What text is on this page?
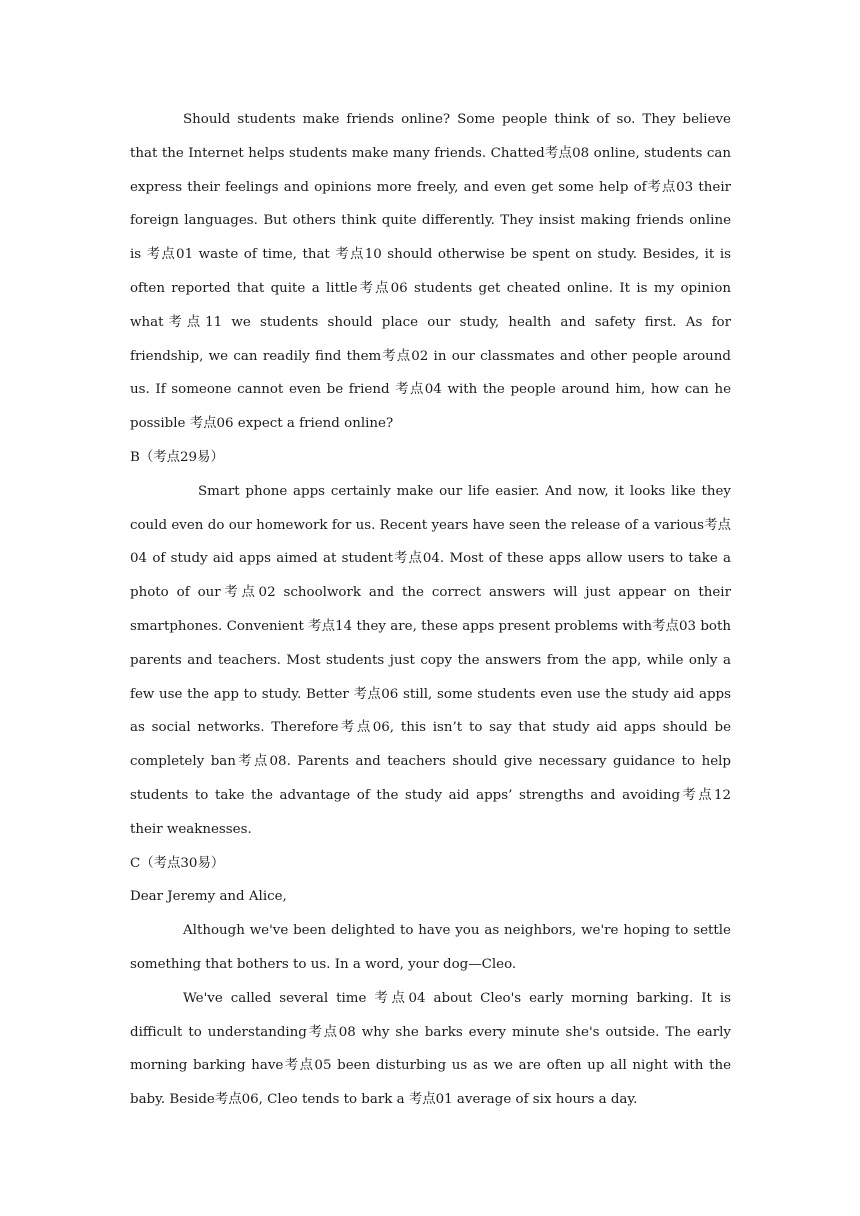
Should students make friends online? Some people think of so. They believe that the Internet helps students make many friends. Chatted考点08 online, students can express their feelings and opinions more freely, and even get some help of考点03 their foreign languages. But others think quite differently. They insist making friends online is 考点01 waste of time, that 考点10 should otherwise be spent on study. Besides, it is often reported that quite a little考点06 students get cheated online. It is my opinion what考点11 we students should place our study, health and safety first. As for friendship, we can readily find them考点02 in our classmates and other people around us. If someone cannot even be friend 考点04 with the people around him, how can he possible 考点06 expect a friend online?

B（考点29易）

Smart phone apps certainly make our life easier. And now, it looks like they could even do our homework for us. Recent years have seen the release of a various考点04 of study aid apps aimed at student考点04. Most of these apps allow users to take a photo of our考点02 schoolwork and the correct answers will just appear on their smartphones. Convenient 考点14 they are, these apps present problems with考点03 both parents and teachers. Most students just copy the answers from the app, while only a few use the app to study. Better 考点06 still, some students even use the study aid apps as social networks. Therefore考点06, this isn’t to say that study aid apps should be completely ban考点08. Parents and teachers should give necessary guidance to help students to take the advantage of the study aid apps’ strengths and avoiding考点12 their weaknesses.

C（考点30易）

Dear Jeremy and Alice,

Although we've been delighted to have you as neighbors, we're hoping to settle something that bothers to us. In a word, your dog—Cleo.

We've called several time 考点04 about Cleo's early morning barking. It is difficult to understanding考点08 why she barks every minute she's outside. The early morning barking have考点05 been disturbing us as we are often up all night with the baby. Beside考点06, Cleo tends to bark a 考点01 average of six hours a day.
